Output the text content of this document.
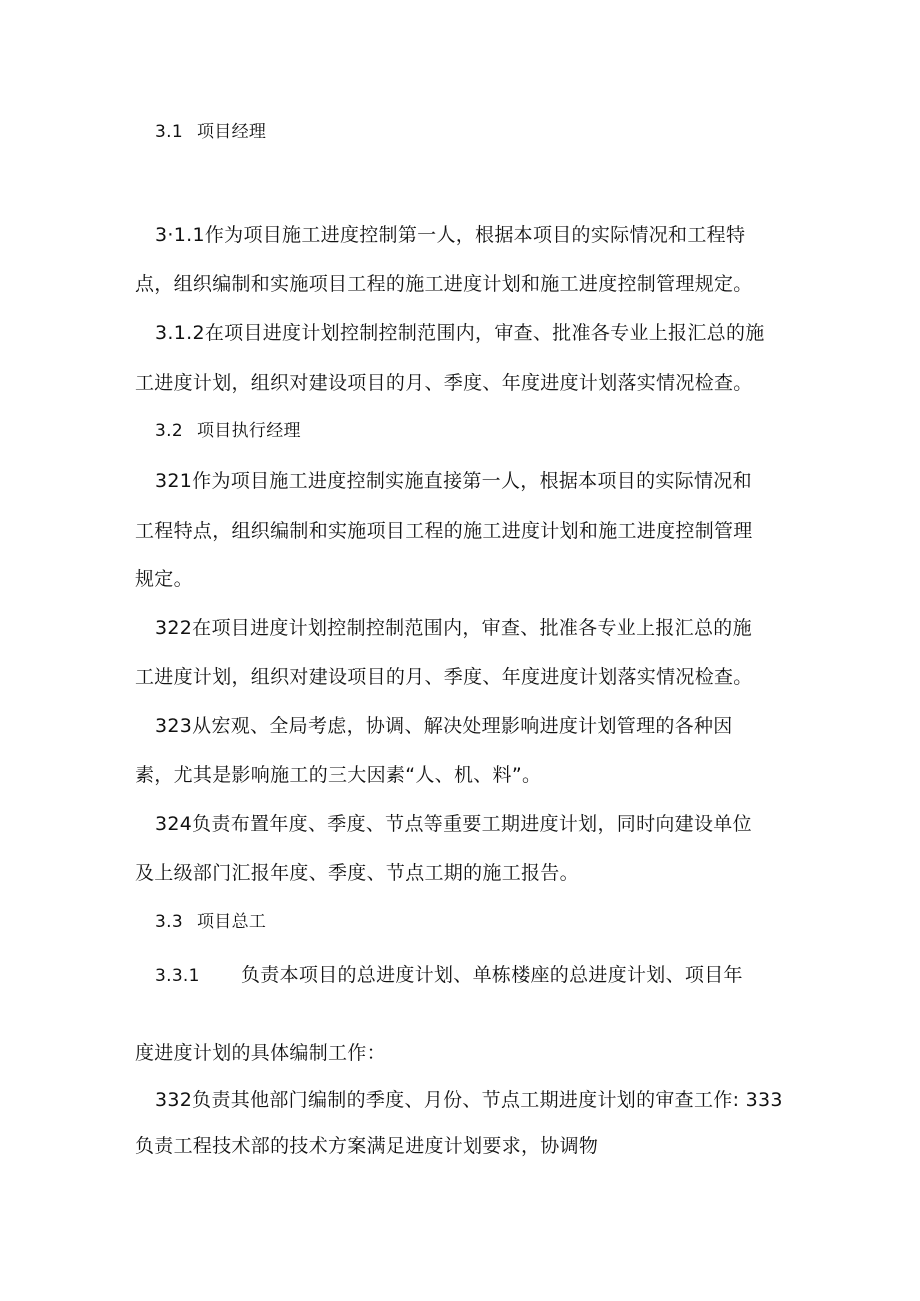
3.1 项目经理
3·1.1作为项目施工进度控制第一人，根据本项目的实际情况和工程特
点，组织编制和实施项目工程的施工进度计划和施工进度控制管理规定。
3.1.2在项目进度计划控制控制范围内，审查、批准各专业上报汇总的施
工进度计划，组织对建设项目的月、季度、年度进度计划落实情况检查。
3.2 项目执行经理
321作为项目施工进度控制实施直接第一人，根据本项目的实际情况和
工程特点，组织编制和实施项目工程的施工进度计划和施工进度控制管理
规定。
322在项目进度计划控制控制范围内，审查、批准各专业上报汇总的施
工进度计划，组织对建设项目的月、季度、年度进度计划落实情况检查。
323从宏观、全局考虑，协调、解决处理影响进度计划管理的各种因
素，尤其是影响施工的三大因素“人、机、料”。
324负责布置年度、季度、节点等重要工期进度计划，同时向建设单位
及上级部门汇报年度、季度、节点工期的施工报告。
3.3 项目总工
3.3.1 负责本项目的总进度计划、单栋楼座的总进度计划、项目年
度进度计划的具体编制工作：
332负责其他部门编制的季度、月份、节点工期进度计划的审查工作: 333
负责工程技术部的技术方案满足进度计划要求，协调物
